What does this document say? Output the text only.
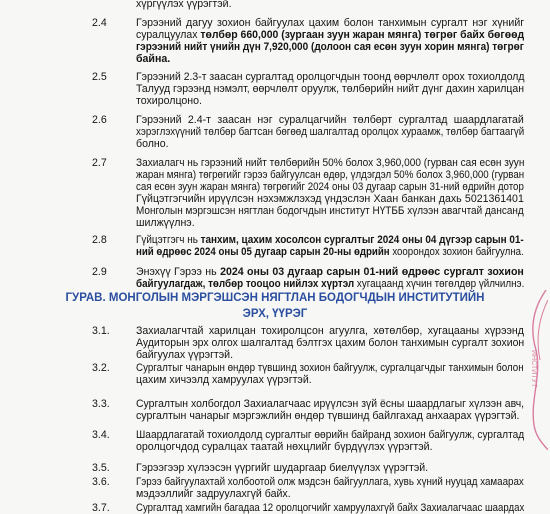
хүргүүлэх үүрэгтэй.
2.4	Гэрээний дагуу зохион байгуулах цахим болон танхимын сургалт нэг хүнийг
суралцуулах төлбөр 660,000 (зургаан зуун жаран мянга) төгрөг байх бөгөөд
гэрээний нийт үнийн дүн 7,920,000 (долоон сая есөн зуун хорин мянга) төгрөг
байна.
2.5	Гэрээний 2.3-т заасан сургалтад оролцогчдын тоонд өөрчлөлт орох тохиолдолд
Талууд гэрээнд нэмэлт, өөрчлөлт оруулж, төлбөрийн нийт дүнг дахин харилцан
тохиролцоно.
2.6	Гэрээний 2.4-т заасан нэг суралцагчийн төлбөрт сургалтад шаардлагатай
хэрэглэхүүний төлбөр багтсан бөгөөд шалгалтад оролцох хураамж, төлбөр багтаагүй
болно.
2.7	Захиалагч нь гэрээний нийт төлбөрийн 50% болох 3,960,000 (гурван сая есөн зуун
жаран мянга) төгрөгийг гэрээ байгуулсан өдөр, үлдэгдэл 50% болох 3,960,000 (гурван
сая есөн зуун жаран мянга) төгрөгийг 2024 оны 03 дугаар сарын 31-ний өдрийн дотор
Гүйцэтгэгчийн ирүүлсэн нэхэмжлэхэд үндэслэн Хаан банкан дахь 5021361401
Монголын мэргэшсэн нягтлан бодогчдын институт НҮТББ хүлээн авагчтай дансанд
шилжүүлнэ.
2.8	Гүйцэтгэгч нь танхим, цахим хосолсон сургалтыг 2024 оны 04 дүгээр сарын 01-
ний өдрөөс 2024 оны 05 дугаар сарын 20-ны өдрийн хоорондох зохион байгуулна.
2.9	Энэхүү Гэрээ нь 2024 оны 03 дугаар сарын 01-ний өдрөөс сургалт зохион
байгуулагдаж, төлбөр тооцоо нийлэх хүртэл хугацаанд хүчин төгөлдөр үйлчилнэ.
ГУРАВ. МОНГОЛЫН МЭРГЭШСЭН НЯГТЛАН БОДОГЧДЫН ИНСТИТУТИЙН
ЭРХ, ҮҮРЭГ
3.1. Захиалагчтай харилцан тохиролцсон агуулга, хөтөлбөр, хугацааны хүрээнд
Аудиторын эрх олгох шалгалтад бэлтгэх цахим болон танхимын сургалт зохион
байгуулах үүрэгтэй.
3.2. Сургалтыг чанарын өндөр түвшинд зохион байгуулж, сургалцагчдыг танхимын болон
цахим хичээлд хамруулах үүрэгтэй.
3.3. Сургалтын холбогдол Захиалагчаас ирүүлсэн зүй ёсны шаардлагыг хүлээн авч,
сургалтын чанарыг мэргэжлийн өндөр түвшинд байлгахад анхаарах үүрэгтэй.
3.4. Шаардлагатай тохиолдолд сургалтыг өөрийн байранд зохион байгуулж, сургалтад
оролцогчдод суралцах таатай нөхцлийг бүрдүүлэх үүрэгтэй.
3.5. Гэрээгээр хүлээсэн үүргийг шударгаар биелүүлэх үүрэгтэй.
3.6. Гэрээ байгуулахтай холбоотой олж мэдсэн байгууллага, хувь хүний нууцад хамаарах
мэдээллийг задруулахгүй байх.
3.7. Сургалтад хамгийн багадаа 12 оролцогчийг хамруулахгүй байх Захиалагчаас шаардах
ИНСТИТУТ
